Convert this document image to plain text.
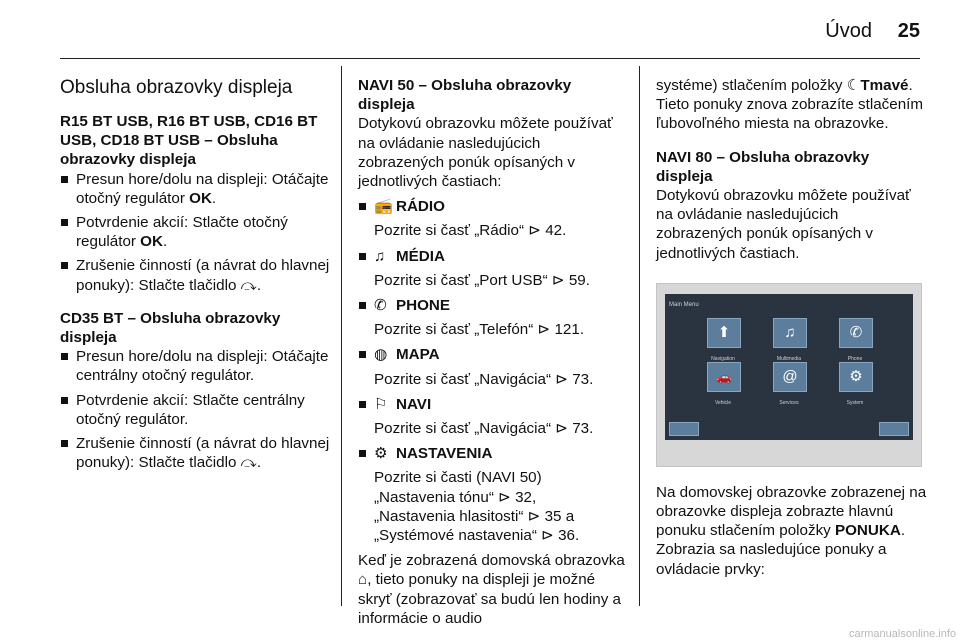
Úvod 25
Obsluha obrazovky displeja

R15 BT USB, R16 BT USB, CD16 BT USB, CD18 BT USB – Obsluha obrazovky displeja

Presun hore/dolu na displeji: Otáčajte otočný regulátor OK.
Potvrdenie akcií: Stlačte otočný regulátor OK.
Zrušenie činností (a návrat do hlavnej ponuky): Stlačte tlačidlo ⤼.

CD35 BT – Obsluha obrazovky displeja

Presun hore/dolu na displeji: Otáčajte centrálny otočný regulátor.
Potvrdenie akcií: Stlačte centrálny otočný regulátor.
Zrušenie činností (a návrat do hlavnej ponuky): Stlačte tlačidlo ⤼.

NAVI 50 – Obsluha obrazovky displeja

Dotykovú obrazovku môžete používať na ovládanie nasledujúcich zobrazených ponúk opísaných v jednotlivých častiach:

📻 RÁDIO

Pozrite si časť „Rádio“ ⊳ 42.

♫ MÉDIA

Pozrite si časť „Port USB“ ⊳ 59.

✆ PHONE

Pozrite si časť „Telefón“ ⊳ 121.

◍ MAPA

Pozrite si časť „Navigácia“ ⊳ 73.

⚐ NAVI

Pozrite si časť „Navigácia“ ⊳ 73.

⚙ NASTAVENIA

Pozrite si časti (NAVI 50)

„Nastavenia tónu“ ⊳ 32,

„Nastavenia hlasitosti“ ⊳ 35 a

„Systémové nastavenia“ ⊳ 36.

Keď je zobrazená domovská obrazovka ⌂, tieto ponuky na displeji je možné skryť (zobrazovať sa budú len hodiny a informácie o audio

systéme) stlačením položky ☾Tmavé. Tieto ponuky znova zobrazíte stlačením ľubovoľného miesta na obrazovke.

NAVI 80 – Obsluha obrazovky displeja

Dotykovú obrazovku môžete používať na ovládanie nasledujúcich zobrazených ponúk opísaných v jednotlivých častiach.

Main Menu
⬆
Navigation
♫
Multimedia
✆
Phone
🚗
Vehicle
@
Services
⚙
System

Na domovskej obrazovke zobrazenej na obrazovke displeja zobrazte hlavnú ponuku stlačením položky PONUKA. Zobrazia sa nasledujúce ponuky a ovládacie prvky:

carmanualsonline.info
